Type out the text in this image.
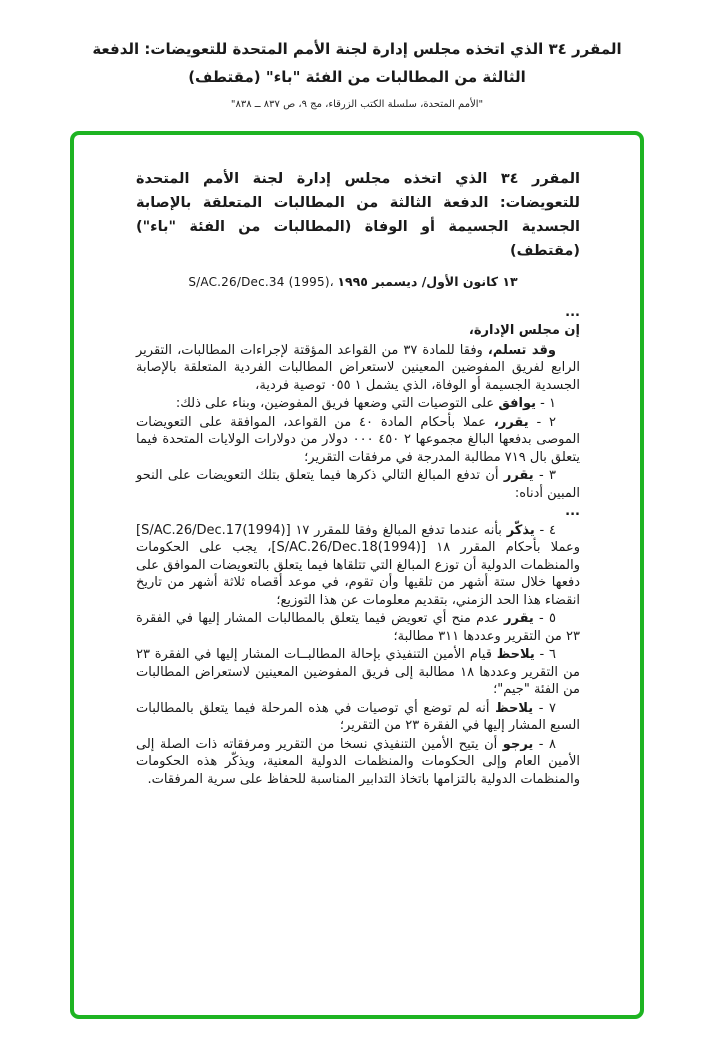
المقرر ٣٤ الذي اتخذه مجلس إدارة لجنة الأمم المتحدة للتعويضات: الدفعة
الثالثة من المطالبات من الفئة "باء" (مقتطف)
"الأمم المتحدة، سلسلة الكتب الزرقاء، مج ٩، ص ٨٣٧ ــ ٨٣٨"
المقرر ٣٤ الذي اتخذه مجلس إدارة لجنة الأمم المتحدة للتعويضات: الدفعة الثالثة من المطالبات المتعلقة بالإصابة الجسدية الجسيمة أو الوفاة (المطالبات من الفئة "باء") (مقتطف)
S/AC.26/Dec.34 (1995)، ١٣ كانون الأول/ ديسمبر ١٩٩٥
...
إن مجلس الإدارة،

وقد تسلم، وفقا للمادة ٣٧ من القواعد المؤقتة لإجراءات المطالبات، التقرير الرابع لفريق المفوضين المعينين لاستعراض المطالبات الفردية المتعلقة بالإصابة الجسدية الجسيمة أو الوفاة، الذي يشمل ١ ٠٥٥ توصية فردية،

١ - يوافق على التوصيات التي وضعها فريق المفوضين، وبناء على ذلك:

٢ - يقرر، عملا بأحكام المادة ٤٠ من القواعد، الموافقة على التعويضات الموصى بدفعها البالغ مجموعها ٢ ٤٥٠ ٠٠٠ دولار من دولارات الولايات المتحدة فيما يتعلق بال ٧١٩ مطالبة المدرجة في مرفقات التقرير؛

٣ - يقرر أن تدفع المبالغ التالي ذكرها فيما يتعلق بتلك التعويضات على النحو المبين أدناه:

...

٤ - يذكّر بأنه عندما تدفع المبالغ وفقا للمقرر ١٧ [⁦S/AC.26/Dec.17(1994)⁩] وعملا بأحكام المقرر ١٨ [⁦S/AC.26/Dec.18(1994)⁩]، يجب على الحكومات والمنظمات الدولية أن توزع المبالغ التي تتلقاها فيما يتعلق بالتعويضات الموافق على دفعها خلال ستة أشهر من تلقيها وأن تقوم، في موعد أقصاه ثلاثة أشهر من تاريخ انقضاء هذا الحد الزمني، بتقديم معلومات عن هذا التوزيع؛

٥ - يقرر عدم منح أي تعويض فيما يتعلق بالمطالبات المشار إليها في الفقرة ٢٣ من التقرير وعددها ٣١١ مطالبة؛

٦ - يلاحظ قيام الأمين التنفيذي بإحالة المطالبــات المشار إليها في الفقرة ٢٣ من التقرير وعددها ١٨ مطالبة إلى فريق المفوضين المعينين لاستعراض المطالبات من الفئة "جيم"؛

٧ - يلاحظ أنه لم توضع أي توصيات في هذه المرحلة فيما يتعلق بالمطالبات السبع المشار إليها في الفقرة ٢٣ من التقرير؛

٨ - يرجو أن يتيح الأمين التنفيذي نسخا من التقرير ومرفقاته ذات الصلة إلى الأمين العام وإلى الحكومات والمنظمات الدولية المعنية، ويذكّر هذه الحكومات والمنظمات الدولية بالتزامها باتخاذ التدابير المناسبة للحفاظ على سرية المرفقات.
